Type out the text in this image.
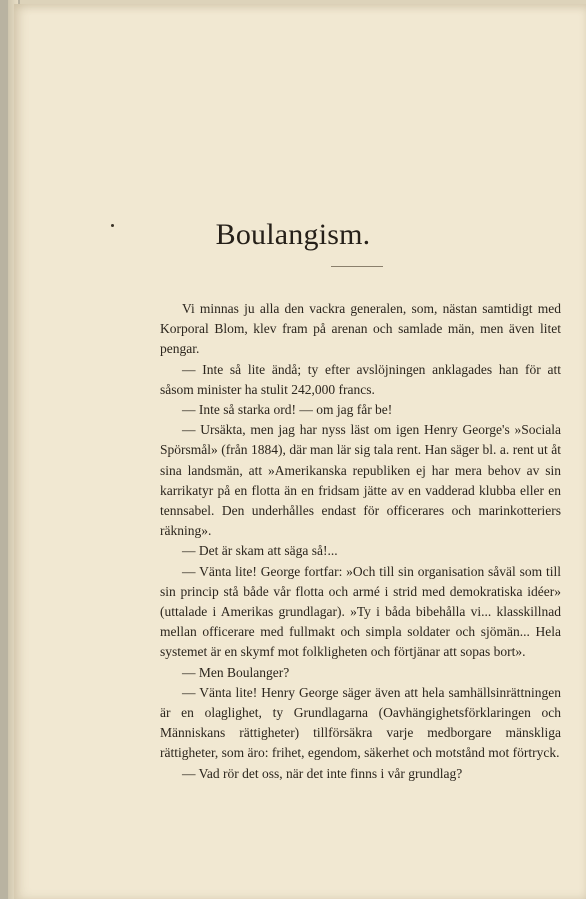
Boulangism.

Vi minnas ju alla den vackra generalen, som, nästan samtidigt med Korporal Blom, klev fram på arenan och samlade män, men även litet pengar.

— Inte så lite ändå; ty efter avslöjningen anklagades han för att såsom minister ha stulit 242,000 francs.

— Inte så starka ord! — om jag får be!

— Ursäkta, men jag har nyss läst om igen Henry George's »Sociala Spörsmål» (från 1884), där man lär sig tala rent. Han säger bl. a. rent ut åt sina landsmän, att »Amerikanska republiken ej har mera behov av sin karrikatyr på en flotta än en fridsam jätte av en vadderad klubba eller en tennsabel. Den underhålles endast för officerares och marinkotteriers räkning».

— Det är skam att säga så!...

— Vänta lite! George fortfar: »Och till sin organisation såväl som till sin princip stå både vår flotta och armé i strid med demokratiska idéer» (uttalade i Amerikas grundlagar). »Ty i båda bibehålla vi... klasskillnad mellan officerare med fullmakt och simpla soldater och sjömän... Hela systemet är en skymf mot folkligheten och förtjänar att sopas bort».

— Men Boulanger?

— Vänta lite! Henry George säger även att hela samhällsinrättningen är en olaglighet, ty Grundlagarna (Oavhängighetsförklaringen och Människans rättigheter) tillförsäkra varje medborgare mänskliga rättigheter, som äro: frihet, egendom, säkerhet och motstånd mot förtryck.

— Vad rör det oss, när det inte finns i vår grundlag?
